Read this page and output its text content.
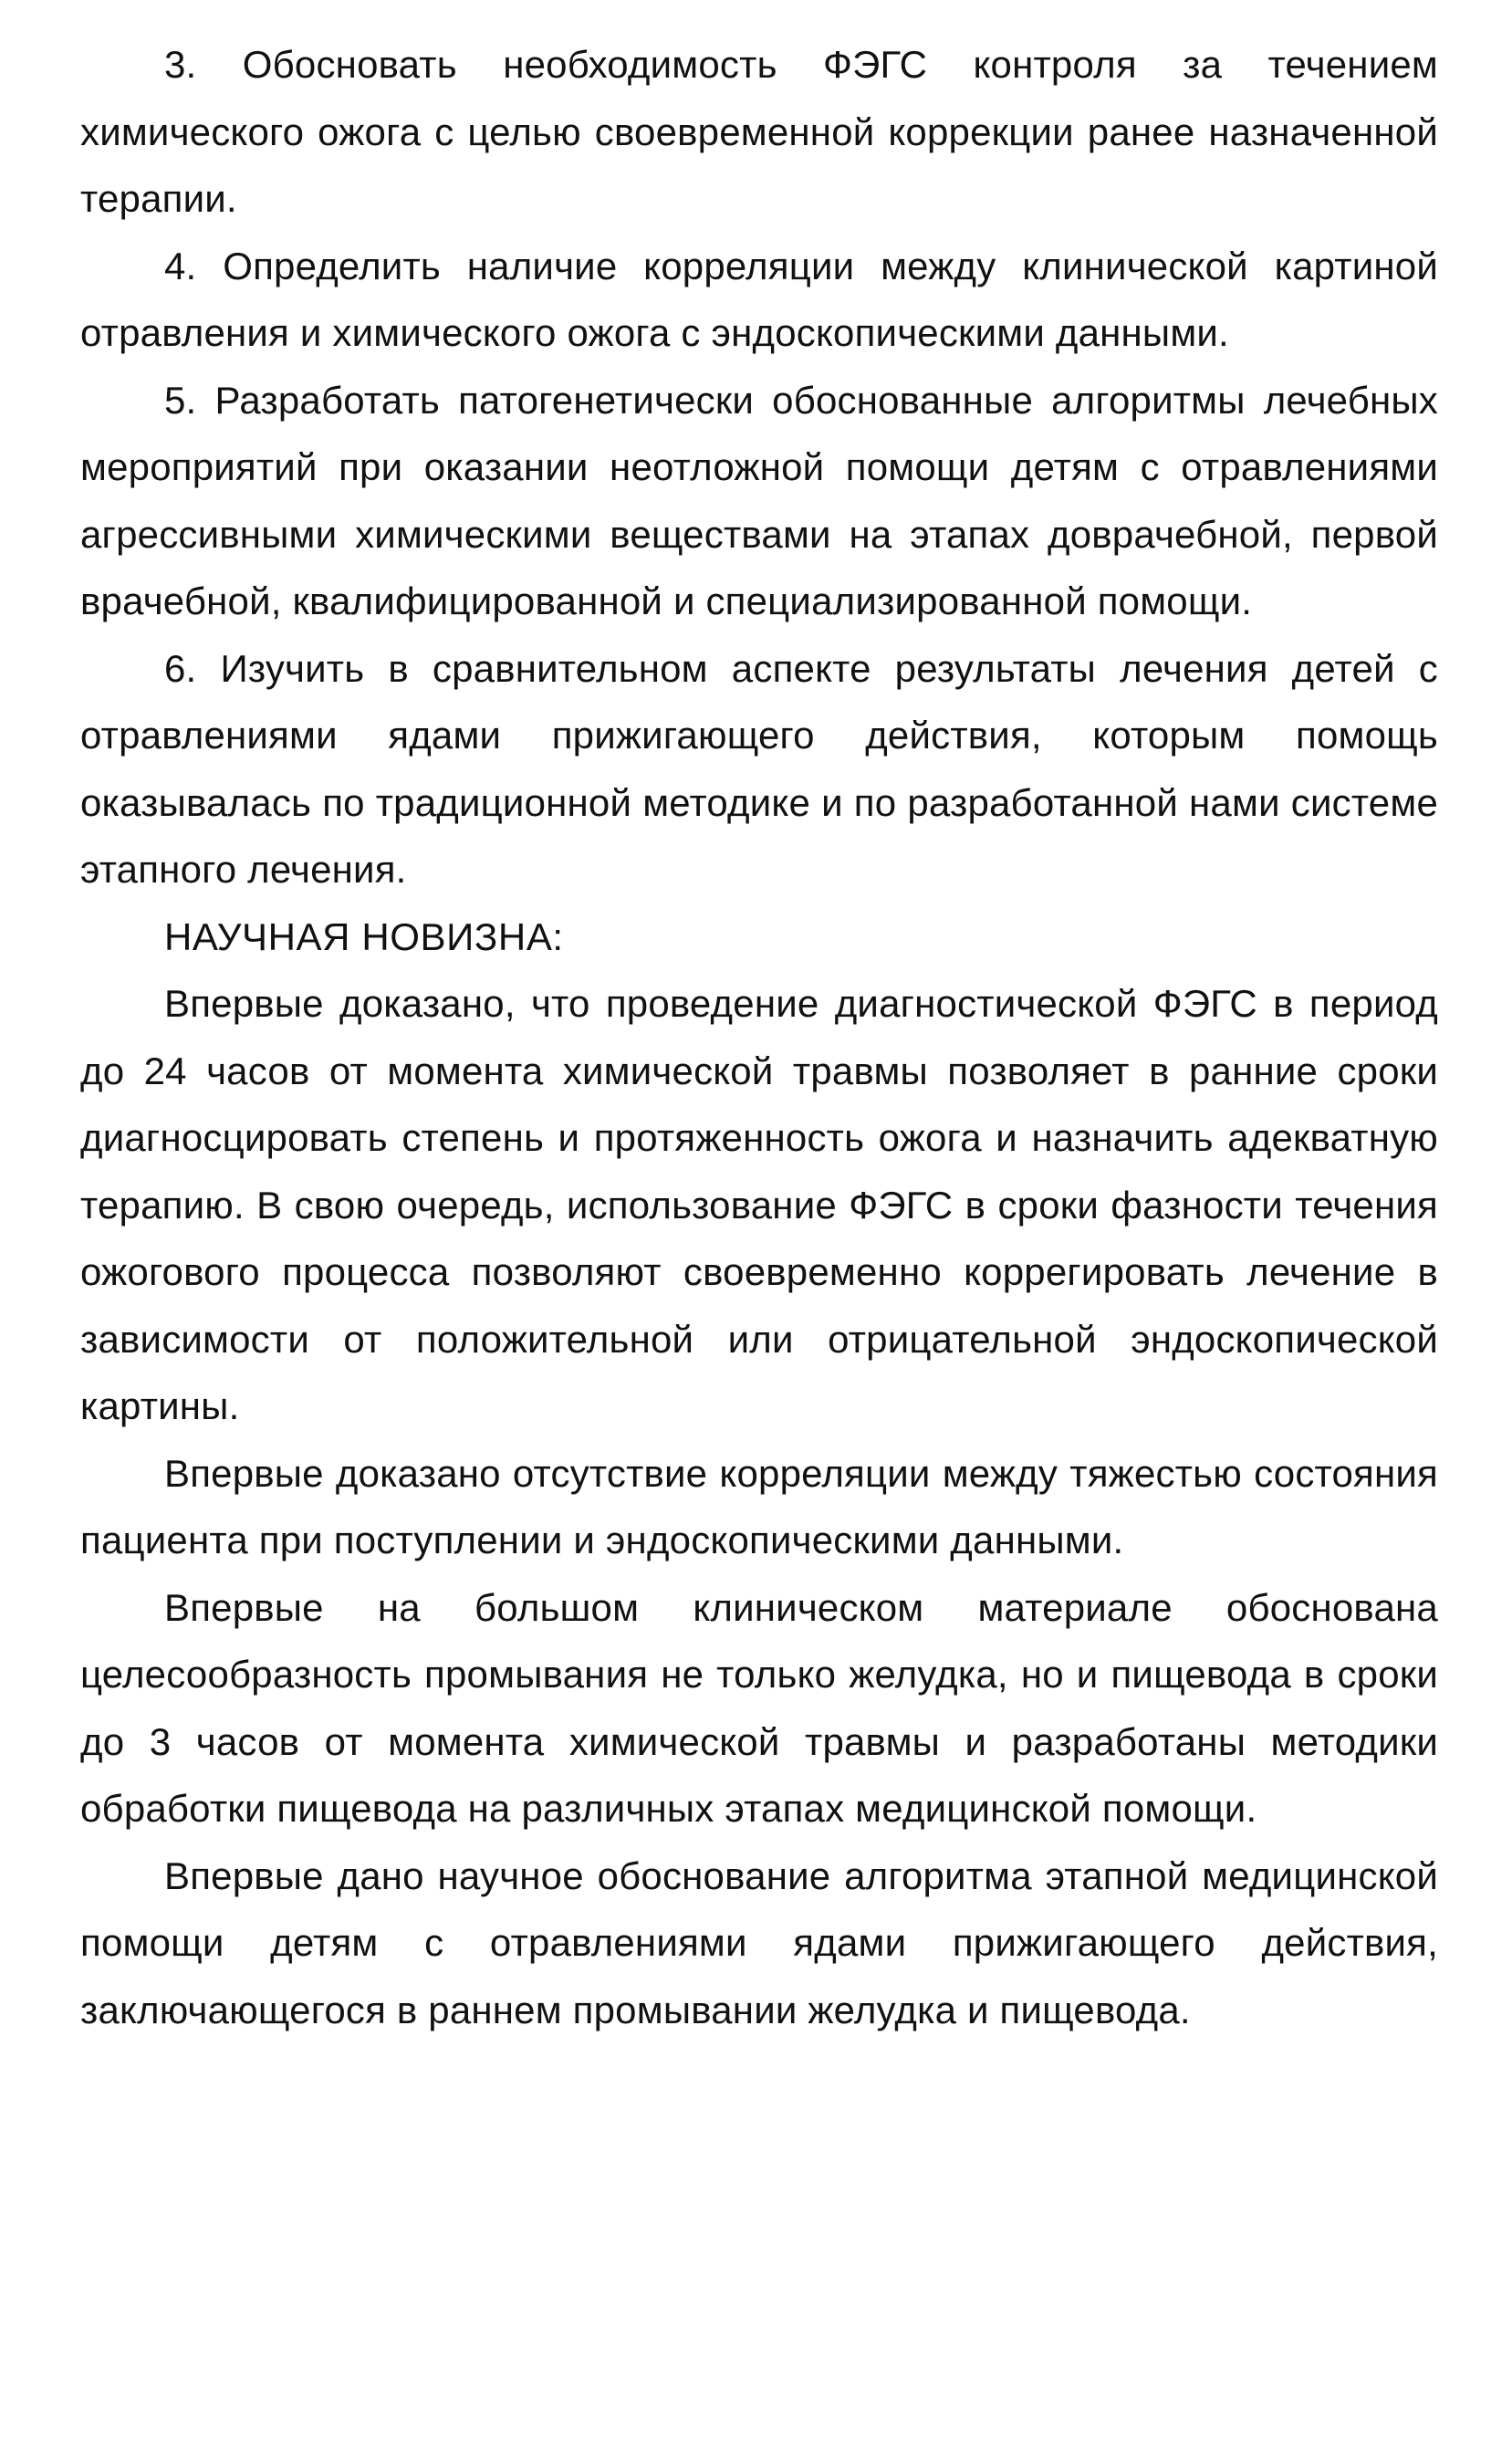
3. Обосновать необходимость ФЭГС контроля за течением химического ожога с целью своевременной коррекции ранее назначенной терапии.

4. Определить наличие корреляции между клинической картиной отравления и химического ожога с эндоскопическими данными.

5. Разработать патогенетически обоснованные алгоритмы лечебных мероприятий при оказании неотложной помощи детям с отравлениями агрессивными химическими веществами на этапах доврачебной, первой врачебной, квалифицированной и специализированной помощи.

6. Изучить в сравнительном аспекте результаты лечения детей с отравлениями ядами прижигающего действия, которым помощь оказывалась по традиционной методике и по разработанной нами системе этапного лечения.

НАУЧНАЯ НОВИЗНА:

Впервые доказано, что проведение диагностической ФЭГС в период до 24 часов от момента химической травмы позволяет в ранние сроки диагносцировать степень и протяженность ожога и назначить адекватную терапию. В свою очередь, использование ФЭГС в сроки фазности течения ожогового процесса позволяют своевременно коррегировать лечение в зависимости от положительной или отрицательной эндоскопической картины.

Впервые доказано отсутствие корреляции между тяжестью состояния пациента при поступлении и эндоскопическими данными.

Впервые на большом клиническом материале обоснована целесообразность промывания не только желудка, но и пищевода в сроки до 3 часов от момента химической травмы и разработаны методики обработки пищевода на различных этапах медицинской помощи.

Впервые дано научное обоснование алгоритма этапной медицинской помощи детям с отравлениями ядами прижигающего действия, заключающегося в раннем промывании желудка и пищевода.
